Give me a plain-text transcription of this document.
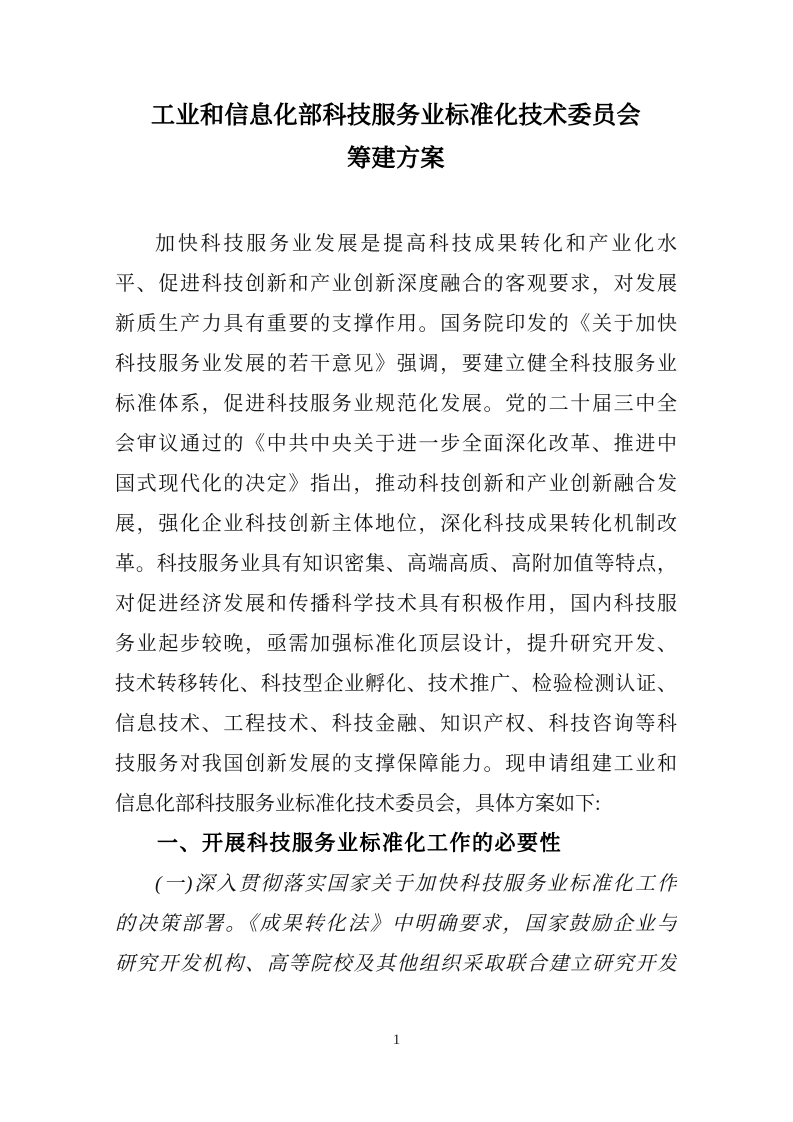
工业和信息化部科技服务业标准化技术委员会
筹建方案
加快科技服务业发展是提高科技成果转化和产业化水
平、促进科技创新和产业创新深度融合的客观要求，对发展
新质生产力具有重要的支撑作用。国务院印发的《关于加快
科技服务业发展的若干意见》强调，要建立健全科技服务业
标准体系，促进科技服务业规范化发展。党的二十届三中全
会审议通过的《中共中央关于进一步全面深化改革、推进中
国式现代化的决定》指出，推动科技创新和产业创新融合发
展，强化企业科技创新主体地位，深化科技成果转化机制改
革。科技服务业具有知识密集、高端高质、高附加值等特点，
对促进经济发展和传播科学技术具有积极作用，国内科技服
务业起步较晚，亟需加强标准化顶层设计，提升研究开发、
技术转移转化、科技型企业孵化、技术推广、检验检测认证、
信息技术、工程技术、科技金融、知识产权、科技咨询等科
技服务对我国创新发展的支撑保障能力。现申请组建工业和
信息化部科技服务业标准化技术委员会，具体方案如下:
一、开展科技服务业标准化工作的必要性
(一)深入贯彻落实国家关于加快科技服务业标准化工作
的决策部署。《成果转化法》中明确要求，国家鼓励企业与
研究开发机构、高等院校及其他组织采取联合建立研究开发
1
